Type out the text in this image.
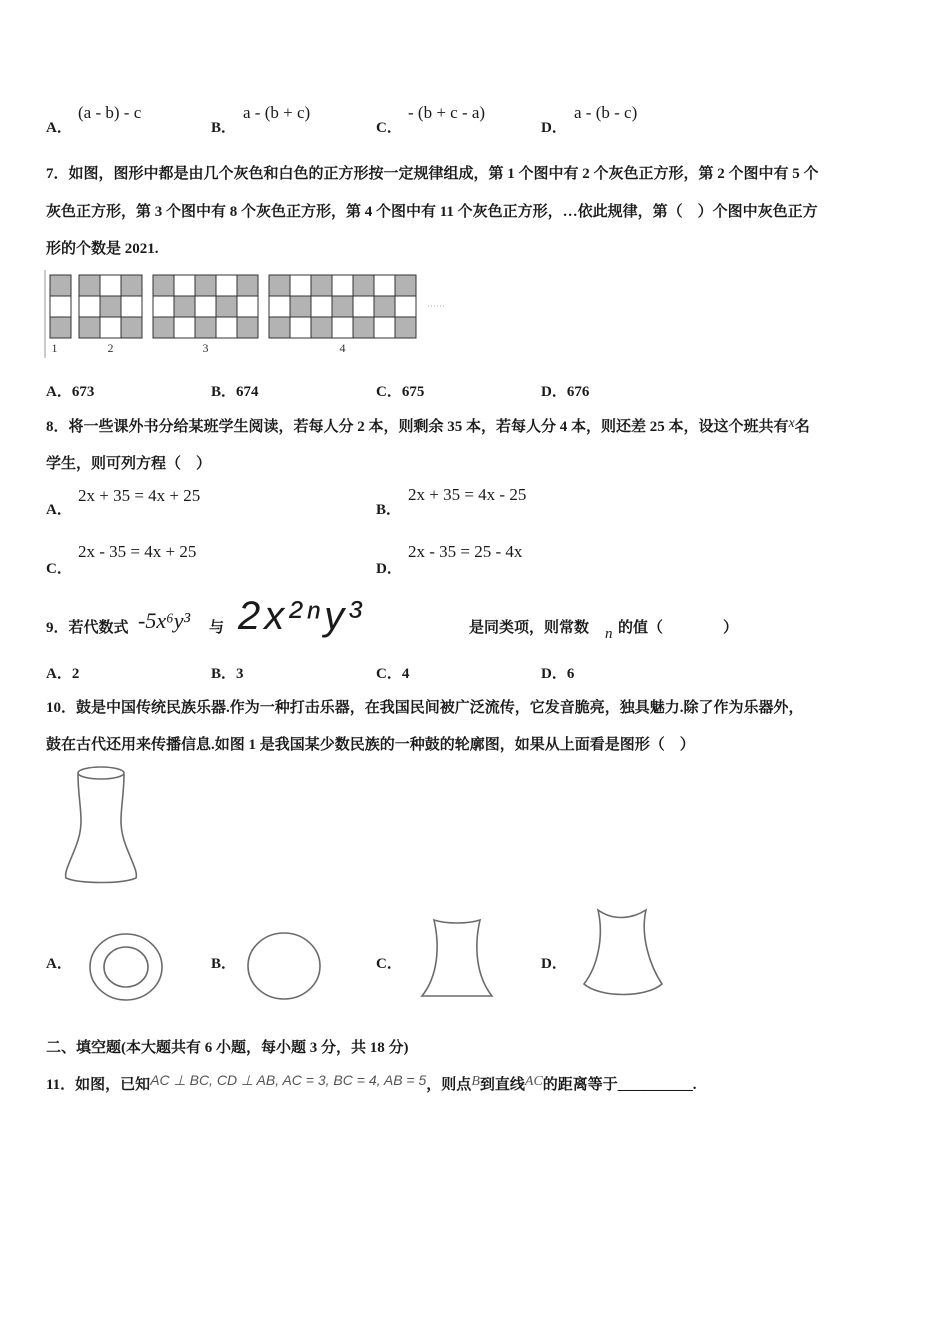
A．
(a - b) - c
B．
a - (b + c)
C．
- (b + c - a)
D．
a - (b - c)
7．如图，图形中都是由几个灰色和白色的正方形按一定规律组成，第 1 个图中有 2 个灰色正方形，第 2 个图中有 5 个
灰色正方形，第 3 个图中有 8 个灰色正方形，第 4 个图中有 11 个灰色正方形，…依此规律，第（　）个图中灰色正方
形的个数是 2021.
1	2	3	4
A．673	B．674	C．675	D．676
8．将一些课外书分给某班学生阅读，若每人分 2 本，则剩余 35 本，若每人分 4 本，则还差 25 本，设这个班共有x名
学生，则可列方程（　）
A．
2x + 35 = 4x + 25
B．
2x + 35 = 4x - 25
C．
2x - 35 = 4x + 25
D．
2x - 35 = 25 - 4x
9．若代数式 -5x⁶y³ 与 2x²ⁿy³	是同类项，则常数 n 的值（　　　　）
A．2	B．3	C．4	D．6
10．鼓是中国传统民族乐器.作为一种打击乐器，在我国民间被广泛流传，它发音脆亮，独具魅力.除了作为乐器外，
鼓在古代还用来传播信息.如图 1 是我国某少数民族的一种鼓的轮廓图，如果从上面看是图形（　）
A．	B．	C．	D．
二、填空题(本大题共有 6 小题，每小题 3 分，共 18 分)
11．如图，已知AC ⊥ BC, CD ⊥ AB, AC = 3, BC = 4, AB = 5，则点B到直线AC的距离等于__________.
